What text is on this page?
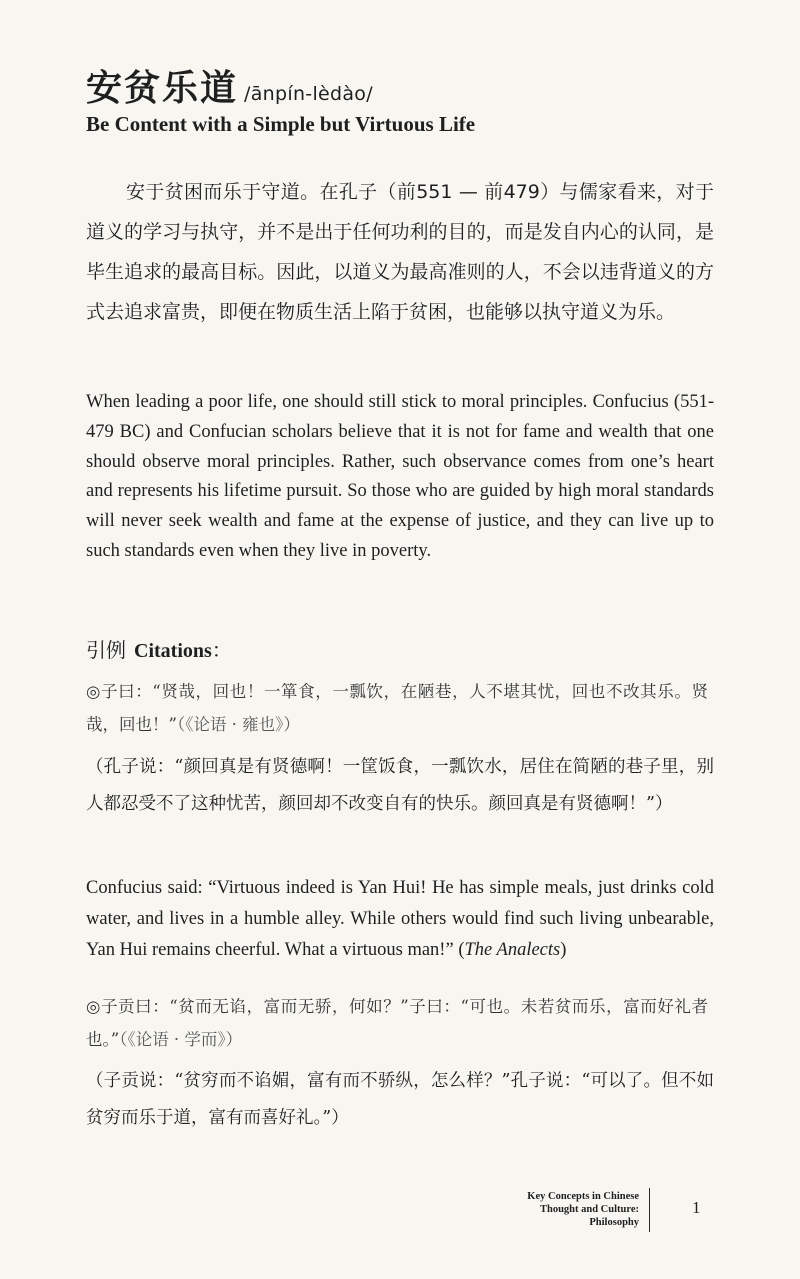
安贫乐道 /ānpín-lèdào/
Be Content with a Simple but Virtuous Life

安于贫困而乐于守道。在孔子（前551 — 前479）与儒家看来，对于道义的学习与执守，并不是出于任何功利的目的，而是发自内心的认同，是毕生追求的最高目标。因此，以道义为最高准则的人，不会以违背道义的方式去追求富贵，即便在物质生活上陷于贫困，也能够以执守道义为乐。

When leading a poor life, one should still stick to moral principles. Confucius (551-479 BC) and Confucian scholars believe that it is not for fame and wealth that one should observe moral principles. Rather, such observance comes from one’s heart and represents his lifetime pursuit. So those who are guided by high moral standards will never seek wealth and fame at the expense of justice, and they can live up to such standards even when they live in poverty.

引例 Citations：

◎子曰：“贤哉，回也！一箪食，一瓢饮，在陋巷，人不堪其忧，回也不改其乐。贤哉，回也！”（《论语 · 雍也》）

（孔子说：“颜回真是有贤德啊！一筐饭食，一瓢饮水，居住在简陋的巷子里，别人都忍受不了这种忧苦，颜回却不改变自有的快乐。颜回真是有贤德啊！”）

Confucius said: “Virtuous indeed is Yan Hui! He has simple meals, just drinks cold water, and lives in a humble alley. While others would find such living unbearable, Yan Hui remains cheerful. What a virtuous man!” (The Analects)

◎子贡曰：“贫而无谄，富而无骄，何如？”子曰：“可也。未若贫而乐，富而好礼者也。”（《论语 · 学而》）

（子贡说：“贫穷而不谄媚，富有而不骄纵，怎么样？”孔子说：“可以了。但不如贫穷而乐于道，富有而喜好礼。”）

Key Concepts in Chinese
Thought and Culture:
Philosophy
1
